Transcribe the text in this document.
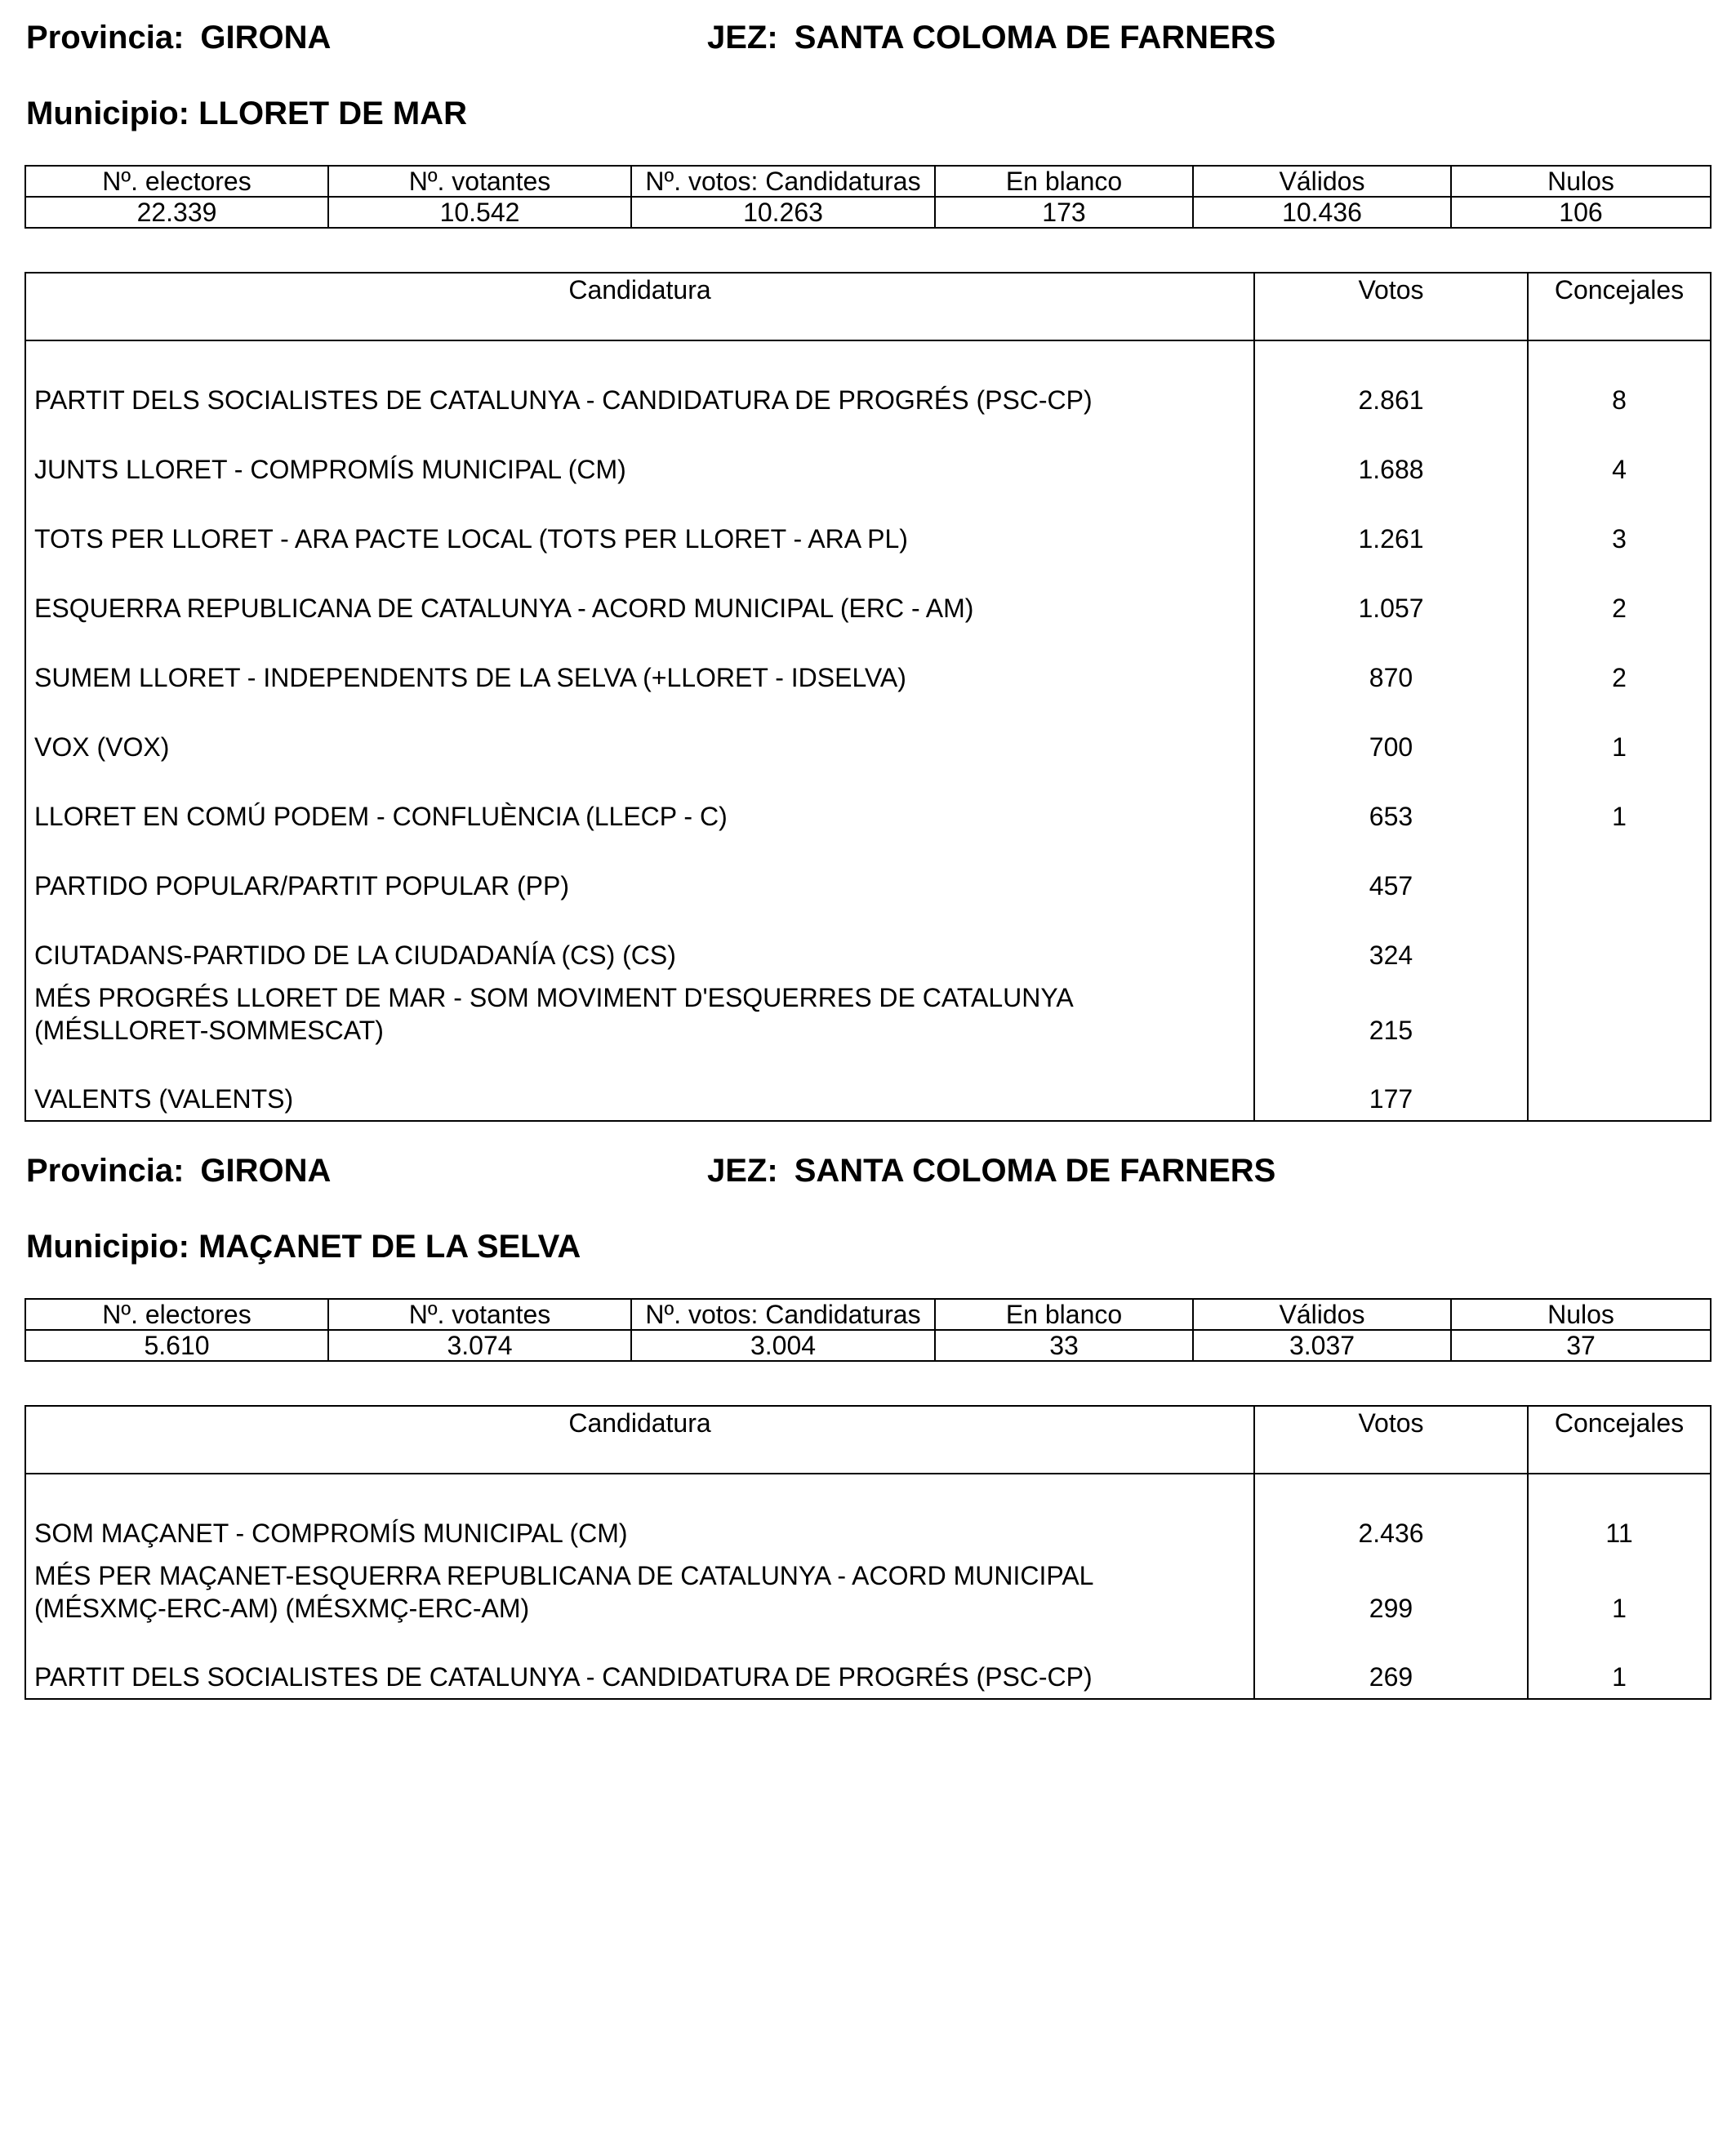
Provincia: GIRONA	JEZ: SANTA COLOMA DE FARNERS
Municipio: LLORET DE MAR
Nº. electores	Nº. votantes	Nº. votos: Candidaturas	En blanco	Válidos	Nulos
22.339	10.542	10.263	173	10.436	106
Candidatura	Votos	Concejales
PARTIT DELS SOCIALISTES DE CATALUNYA - CANDIDATURA DE PROGRÉS (PSC-CP)	2.861	8
JUNTS LLORET - COMPROMÍS MUNICIPAL (CM)	1.688	4
TOTS PER LLORET - ARA PACTE LOCAL (TOTS PER LLORET - ARA PL)	1.261	3
ESQUERRA REPUBLICANA DE CATALUNYA - ACORD MUNICIPAL (ERC - AM)	1.057	2
SUMEM LLORET - INDEPENDENTS DE LA SELVA (+LLORET - IDSELVA)	870	2
VOX (VOX)	700	1
LLORET EN COMÚ PODEM - CONFLUÈNCIA (LLECP - C)	653	1
PARTIDO POPULAR/PARTIT POPULAR (PP)	457	
CIUTADANS-PARTIDO DE LA CIUDADANÍA (CS) (CS)	324	
MÉS PROGRÉS LLORET DE MAR - SOM MOVIMENT D'ESQUERRES DE CATALUNYA (MÉSLLORET-SOMMESCAT)	215	
VALENTS (VALENTS)	177	
Provincia: GIRONA	JEZ: SANTA COLOMA DE FARNERS
Municipio: MAÇANET DE LA SELVA
Nº. electores	Nº. votantes	Nº. votos: Candidaturas	En blanco	Válidos	Nulos
5.610	3.074	3.004	33	3.037	37
Candidatura	Votos	Concejales
SOM MAÇANET - COMPROMÍS MUNICIPAL (CM)	2.436	11
MÉS PER MAÇANET-ESQUERRA REPUBLICANA DE CATALUNYA - ACORD MUNICIPAL (MÉSXMÇ-ERC-AM) (MÉSXMÇ-ERC-AM)	299	1
PARTIT DELS SOCIALISTES DE CATALUNYA - CANDIDATURA DE PROGRÉS (PSC-CP)	269	1
